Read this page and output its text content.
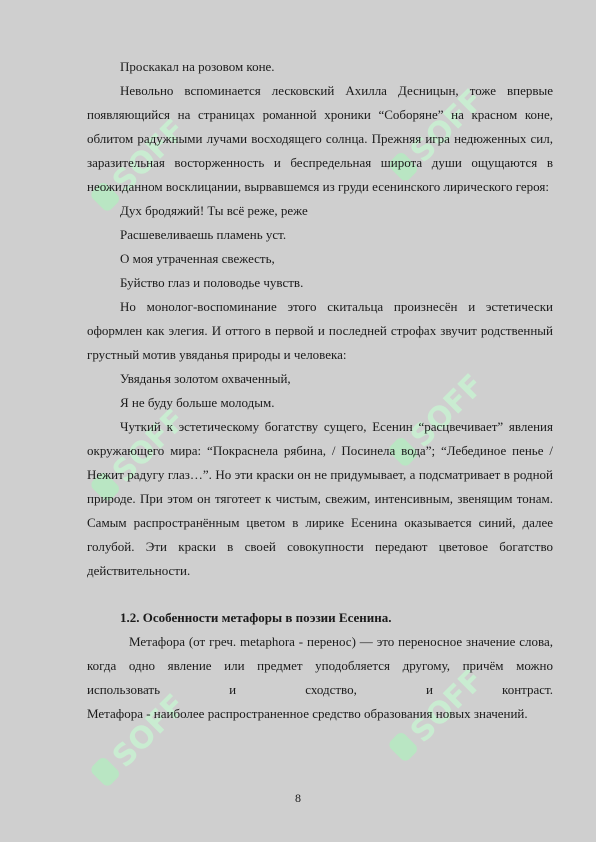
SOFF	SOFF
SOFF
SOFF
SOFF
SOFF

Проскакал на розовом коне.

Невольно вспоминается лесковский Ахилла Десницын, тоже впервые появляющийся на страницах романной хроники “Соборяне” на красном коне, облитом радужными лучами восходящего солнца. Прежняя игра недюженных сил, заразительная восторженность и беспредельная широта души ощущаются в неожиданном восклицании, вырвавшемся из груди есенинского лирического героя:

Дух бродяжий! Ты всё реже, реже

Расшевеливаешь пламень уст.

О моя утраченная свежесть,

Буйство глаз и половодье чувств.

Но монолог-воспоминание этого скитальца произнесён и эстетически оформлен как элегия. И оттого в первой и последней строфах звучит родственный грустный мотив увяданья природы и человека:

Увяданья золотом охваченный,

Я не буду больше молодым.

Чуткий к эстетическому богатству сущего, Есенин “расцвечивает” явления окружающего мира: “Покраснела рябина, / Посинела вода”; “Лебединое пенье / Нежит радугу глаз…”. Но эти краски он не придумывает, а подсматривает в родной природе. При этом он тяготеет к чистым, свежим, интенсивным, звенящим тонам. Самым распространённым цветом в лирике Есенина оказывается синий, далее голубой. Эти краски в своей совокупности передают цветовое богатство действительности.

1.2. Особенности метафоры в поэзии Есенина.

Метафора (от греч. metaphora - перенос) — это переносное значение слова, когда одно явление или предмет уподобляется другому, причём можно

использовать и сходство, и контраст.

Метафора - наиболее распространенное средство образования новых значений.

8
